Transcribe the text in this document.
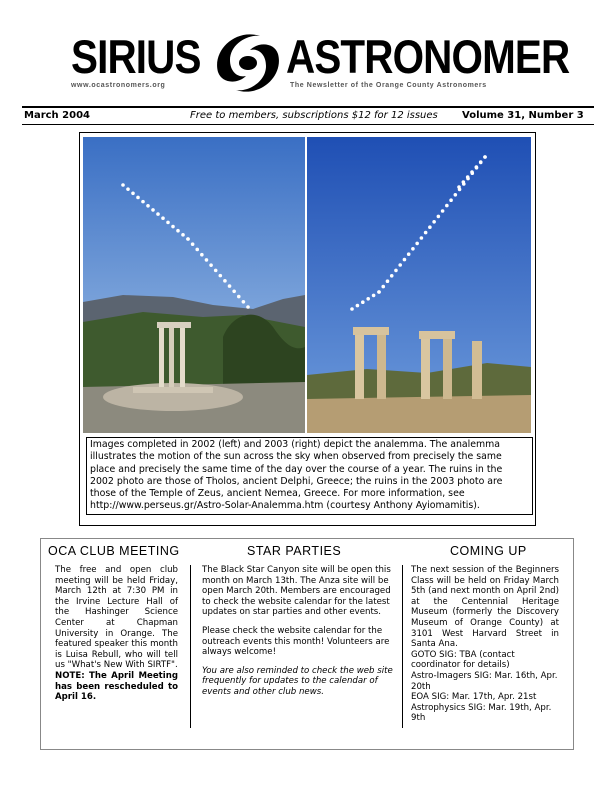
SIRIUS ASTRONOMER
www.ocastronomers.org	The Newsletter of the Orange County Astronomers
March 2004	Free to members, subscriptions $12 for 12 issues Volume 31, Number 3
Images completed in 2002 (left) and 2003 (right) depict the analemma. The analemma illustrates the motion of the sun across the sky when observed from precisely the same place and precisely the same time of the day over the course of a year. The ruins in the 2002 photo are those of Tholos, ancient Delphi, Greece; the ruins in the 2003 photo are those of the Temple of Zeus, ancient Nemea, Greece. For more information, see http://www.perseus.gr/Astro-Solar-Analemma.htm (courtesy Anthony Ayiomamitis).
OCA CLUB MEETING

The free and open club meeting will be held Friday, March 12th at 7:30 PM in the Irvine Lecture Hall of the Hashinger Science Center at Chapman University in Orange. The featured speaker this month is Luisa Rebull, who will tell us "What's New With SIRTF".

NOTE: The April Meeting has been rescheduled to April 16.

STAR PARTIES

The Black Star Canyon site will be open this month on March 13th. The Anza site will be open March 20th. Members are encouraged to check the website calendar for the latest updates on star parties and other events.

Please check the website calendar for the outreach events this month! Volunteers are always welcome!

You are also reminded to check the web site frequently for updates to the calendar of events and other club news.

COMING UP
The next session of the Beginners Class will be held on Friday March 5th (and next month on April 2nd) at the Centennial Heritage Museum (formerly the Discovery Museum of Orange County) at 3101 West Harvard Street in Santa Ana.
GOTO SIG: TBA (contact coordinator for details)
Astro-Imagers SIG: Mar. 16th, Apr. 20th
EOA SIG: Mar. 17th, Apr. 21st
Astrophysics SIG: Mar. 19th, Apr. 9th
